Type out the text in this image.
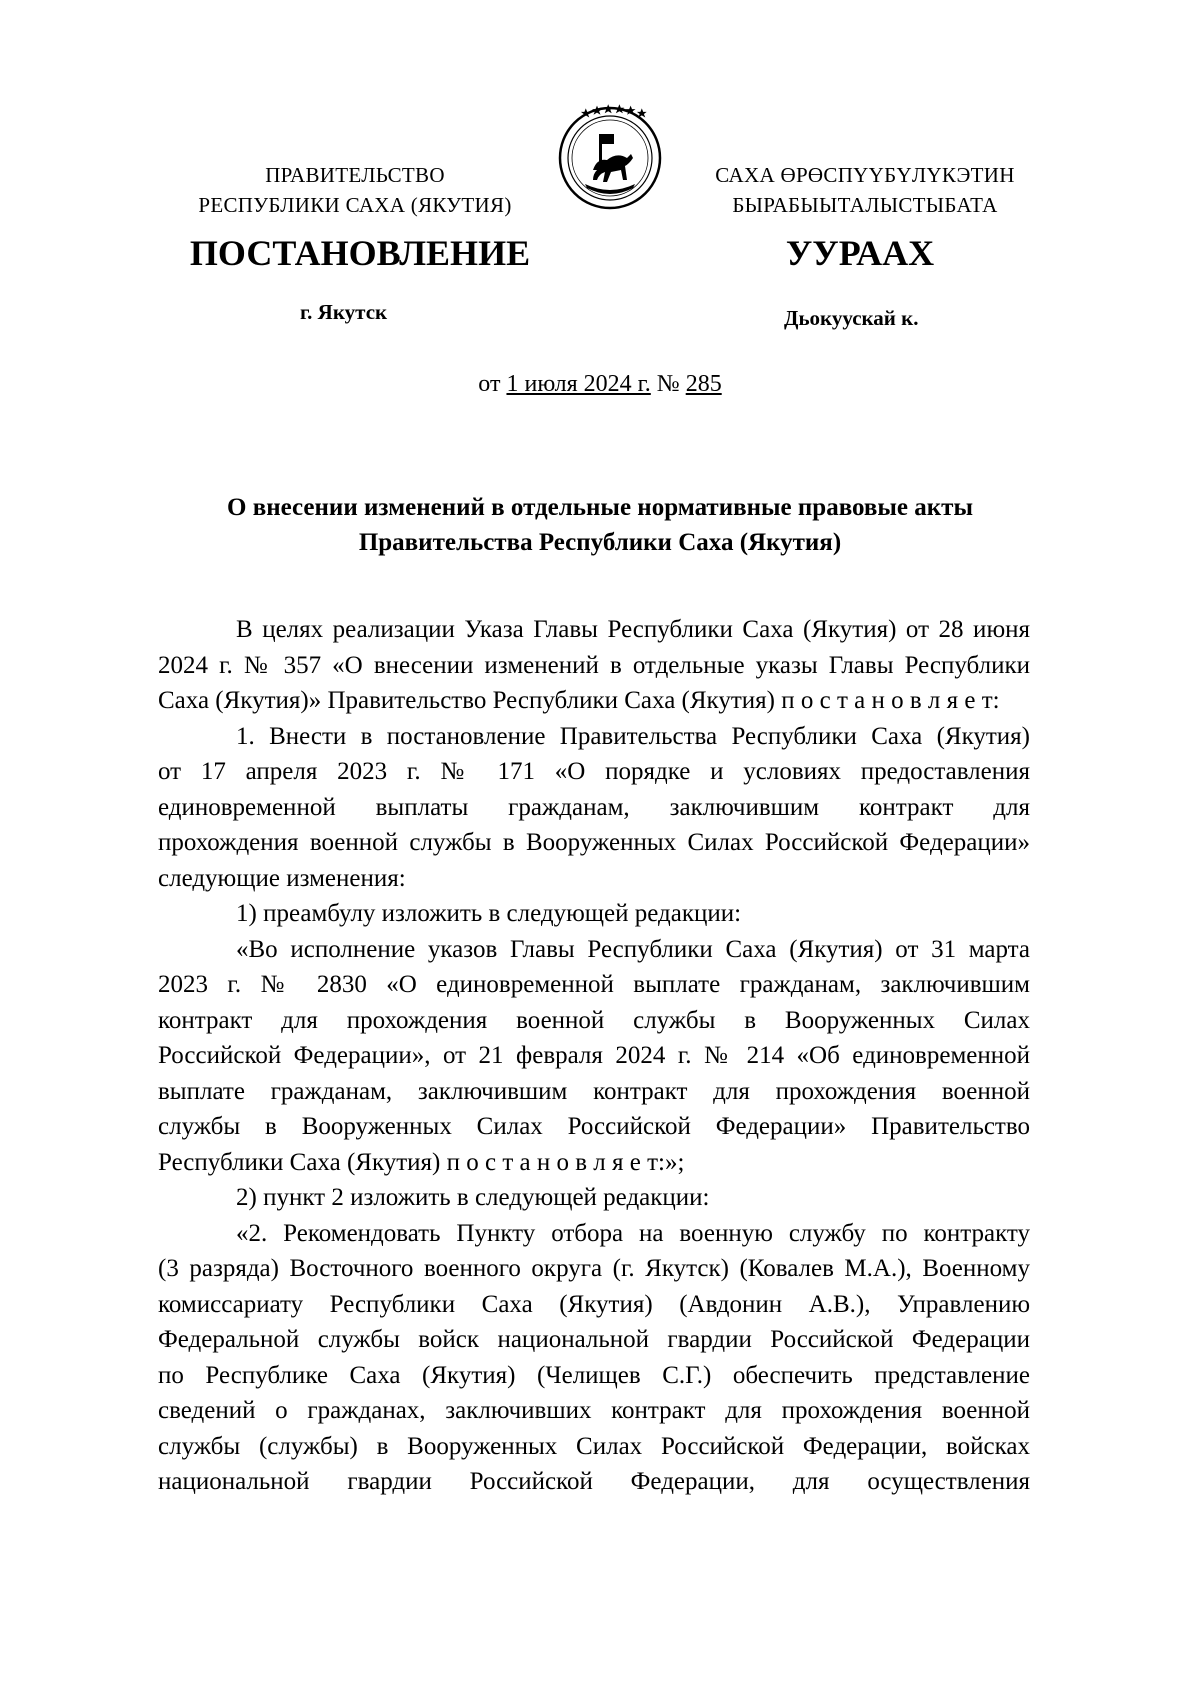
ПРАВИТЕЛЬСТВО
РЕСПУБЛИКИ САХА (ЯКУТИЯ)
САХА ӨРӨСПҮҮБҮЛҮКЭТИН
БЫРАБЫЫТАЛЫСТЫБАТА
ПОСТАНОВЛЕНИЕ	УУРААХ
г. Якутск	Дьокуускай к.
от 1 июля 2024 г. № 285
О внесении изменений в отдельные нормативные правовые акты
Правительства Республики Саха (Якутия)

В целях реализации Указа Главы Республики Саха (Якутия) от 28 июня

2024 г. № 357 «О внесении изменений в отдельные указы Главы Республики

Саха (Якутия)» Правительство Республики Саха (Якутия) п о с т а н о в л я е т:

1. Внести в постановление Правительства Республики Саха (Якутия)

от 17 апреля 2023 г. № 171 «О порядке и условиях предоставления

единовременной выплаты гражданам, заключившим контракт для

прохождения военной службы в Вооруженных Силах Российской Федерации»

следующие изменения:

1) преамбулу изложить в следующей редакции:

«Во исполнение указов Главы Республики Саха (Якутия) от 31 марта

2023 г. № 2830 «О единовременной выплате гражданам, заключившим

контракт для прохождения военной службы в Вооруженных Силах

Российской Федерации», от 21 февраля 2024 г. № 214 «Об единовременной

выплате гражданам, заключившим контракт для прохождения военной

службы в Вооруженных Силах Российской Федерации» Правительство

Республики Саха (Якутия) п о с т а н о в л я е т:»;

2) пункт 2 изложить в следующей редакции:

«2. Рекомендовать Пункту отбора на военную службу по контракту

(3 разряда) Восточного военного округа (г. Якутск) (Ковалев М.А.), Военному

комиссариату Республики Саха (Якутия) (Авдонин А.В.), Управлению

Федеральной службы войск национальной гвардии Российской Федерации

по Республике Саха (Якутия) (Челищев С.Г.) обеспечить представление

сведений о гражданах, заключивших контракт для прохождения военной

службы (службы) в Вооруженных Силах Российской Федерации, войсках

национальной гвардии Российской Федерации, для осуществления
